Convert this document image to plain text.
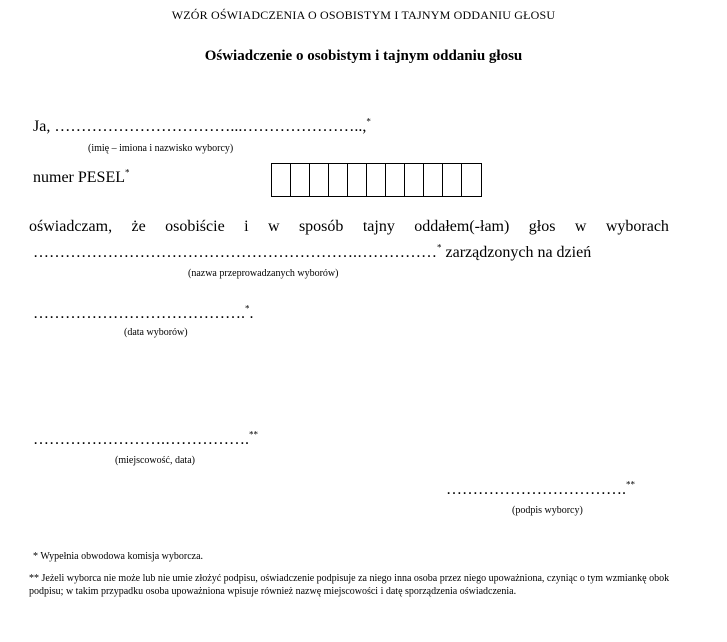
WZÓR OŚWIADCZENIA O OSOBISTYM I TAJNYM ODDANIU GŁOSU
Oświadczenie o osobistym i tajnym oddaniu głosu
Ja, ……………………………...…………………..,*
(imię – imiona i nazwisko wyborcy)
numer PESEL*
oświadczam, że osobiście i w sposób tajny oddałem(-łam) głos w wyborach
…………………………………………………….……………* zarządzonych na dzień
(nazwa przeprowadzanych wyborów)
………………………………….*.
(data wyborów)
…………………….…………….**
(miejscowość, data)
…………………………….**
(podpis wyborcy)
* Wypełnia obwodowa komisja wyborcza.
** Jeżeli wyborca nie może lub nie umie złożyć podpisu, oświadczenie podpisuje za niego inna osoba przez niego upoważniona, czyniąc o tym wzmiankę obok podpisu; w takim przypadku osoba upoważniona wpisuje również nazwę miejscowości i datę sporządzenia oświadczenia.
